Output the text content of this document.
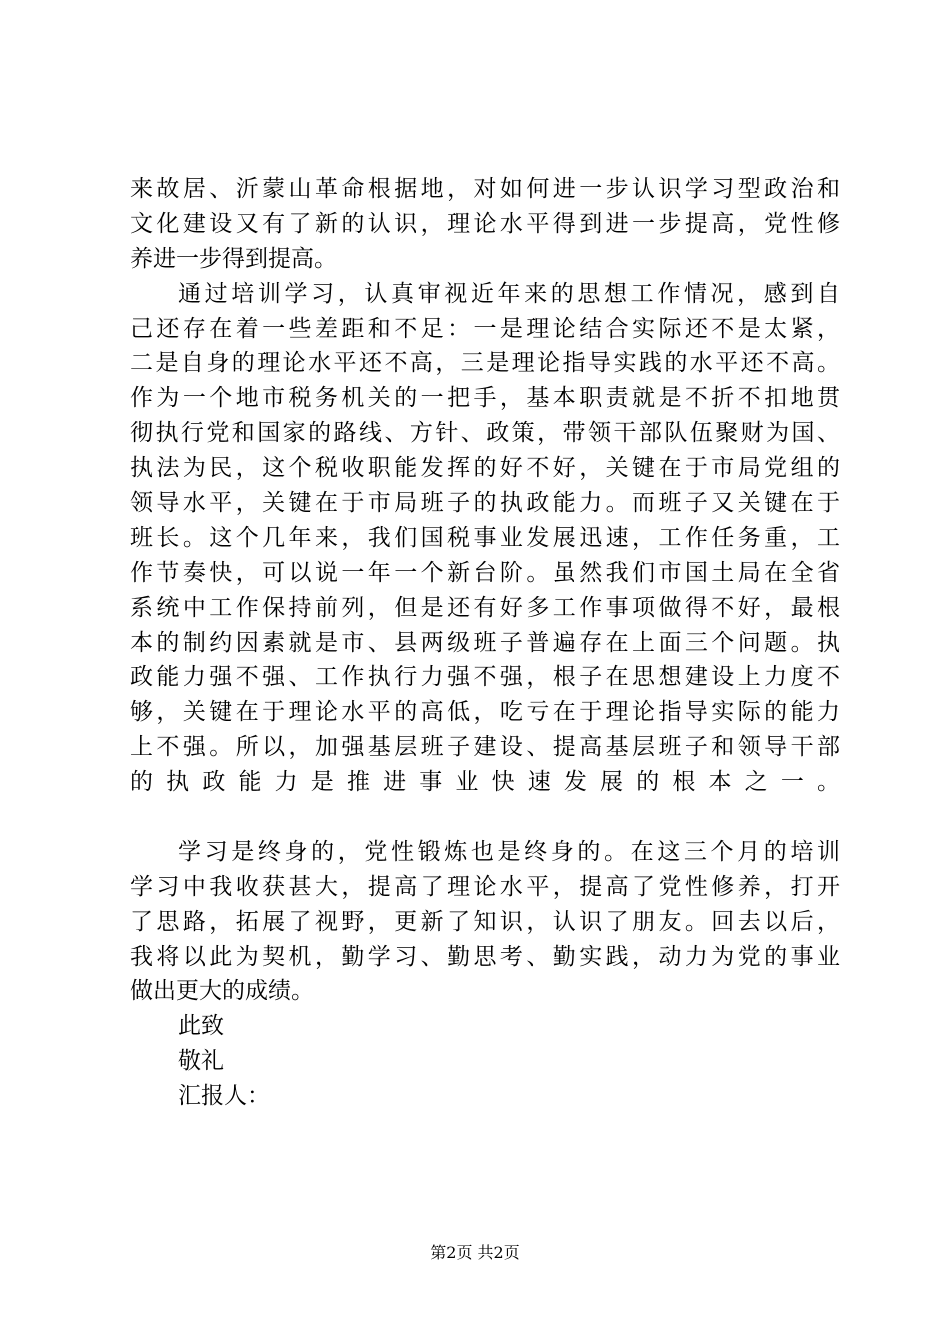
来故居、沂蒙山革命根据地，对如何进一步认识学习型政治和
文化建设又有了新的认识，理论水平得到进一步提高，党性修
养进一步得到提高。
通过培训学习，认真审视近年来的思想工作情况，感到自
己还存在着一些差距和不足：一是理论结合实际还不是太紧，
二是自身的理论水平还不高，三是理论指导实践的水平还不高。
作为一个地市税务机关的一把手，基本职责就是不折不扣地贯
彻执行党和国家的路线、方针、政策，带领干部队伍聚财为国、
执法为民，这个税收职能发挥的好不好，关键在于市局党组的
领导水平，关键在于市局班子的执政能力。而班子又关键在于
班长。这个几年来，我们国税事业发展迅速，工作任务重，工
作节奏快，可以说一年一个新台阶。虽然我们市国土局在全省
系统中工作保持前列，但是还有好多工作事项做得不好，最根
本的制约因素就是市、县两级班子普遍存在上面三个问题。执
政能力强不强、工作执行力强不强，根子在思想建设上力度不
够，关键在于理论水平的高低，吃亏在于理论指导实际的能力
上不强。所以，加强基层班子建设、提高基层班子和领导干部
的执政能力是推进事业快速发展的根本之一。
学习是终身的，党性锻炼也是终身的。在这三个月的培训
学习中我收获甚大，提高了理论水平，提高了党性修养，打开
了思路，拓展了视野，更新了知识，认识了朋友。回去以后，
我将以此为契机，勤学习、勤思考、勤实践，动力为党的事业
做出更大的成绩。
此致
敬礼
汇报人：
第2页 共2页
